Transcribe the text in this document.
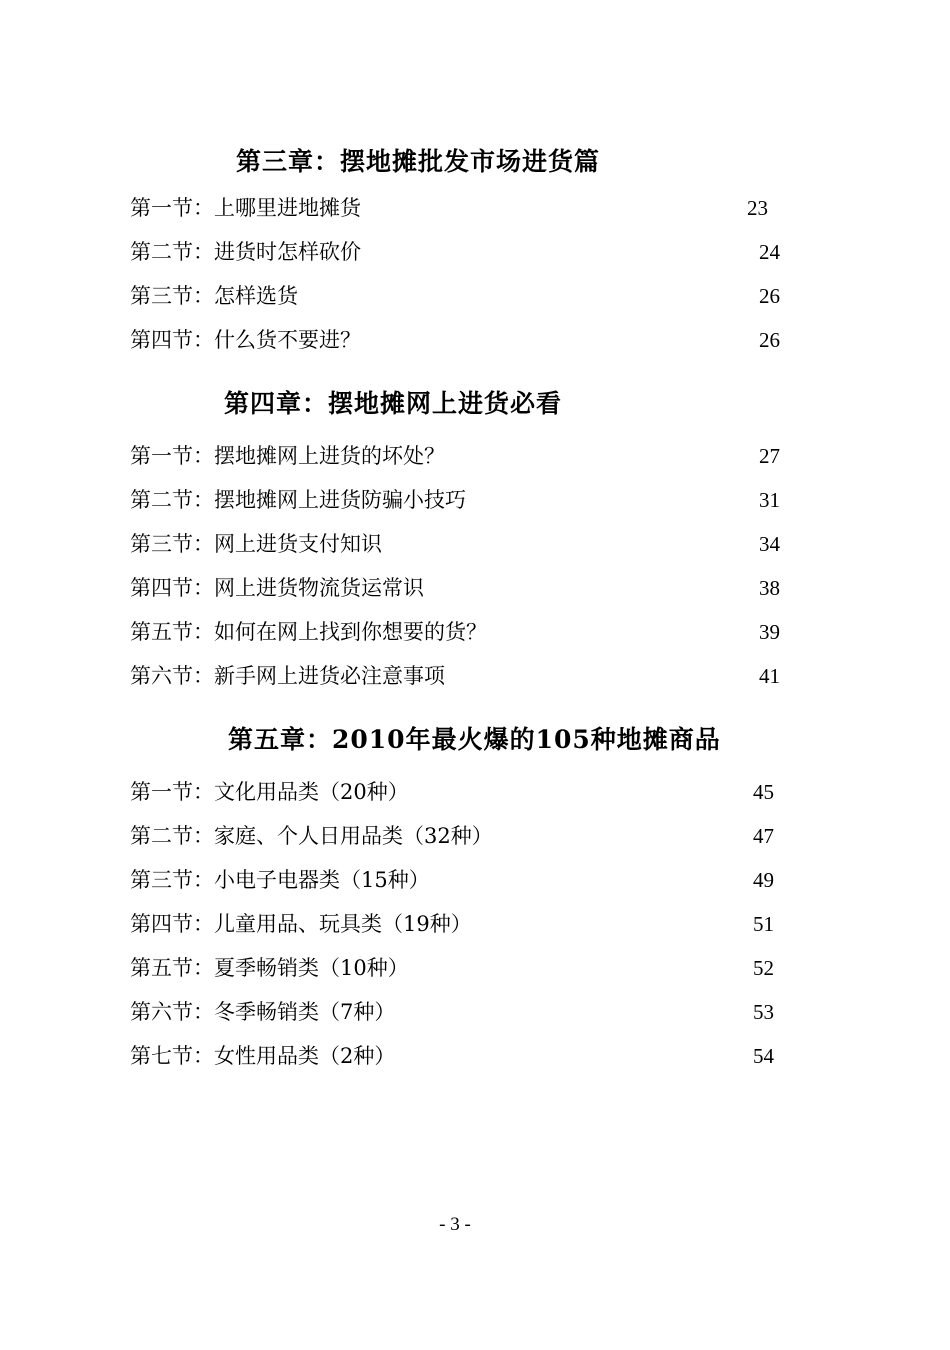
第三章：摆地摊批发市场进货篇
第一节：上哪里进地摊货	23
第二节：进货时怎样砍价	24
第三节：怎样选货	26
第四节：什么货不要进？	26
第四章：摆地摊网上进货必看
第一节：摆地摊网上进货的坏处？	27
第二节：摆地摊网上进货防骗小技巧	31
第三节：网上进货支付知识	34
第四节：网上进货物流货运常识	38
第五节：如何在网上找到你想要的货？	39
第六节：新手网上进货必注意事项	41
第五章：2010年最火爆的105种地摊商品
第一节：文化用品类（20种）	45
第二节：家庭、个人日用品类（32种）	47
第三节：小电子电器类（15种）	49
第四节：儿童用品、玩具类（19种）	51
第五节：夏季畅销类（10种）	52
第六节：冬季畅销类（7种）	53
第七节：女性用品类（2种）	54
- 3 -
